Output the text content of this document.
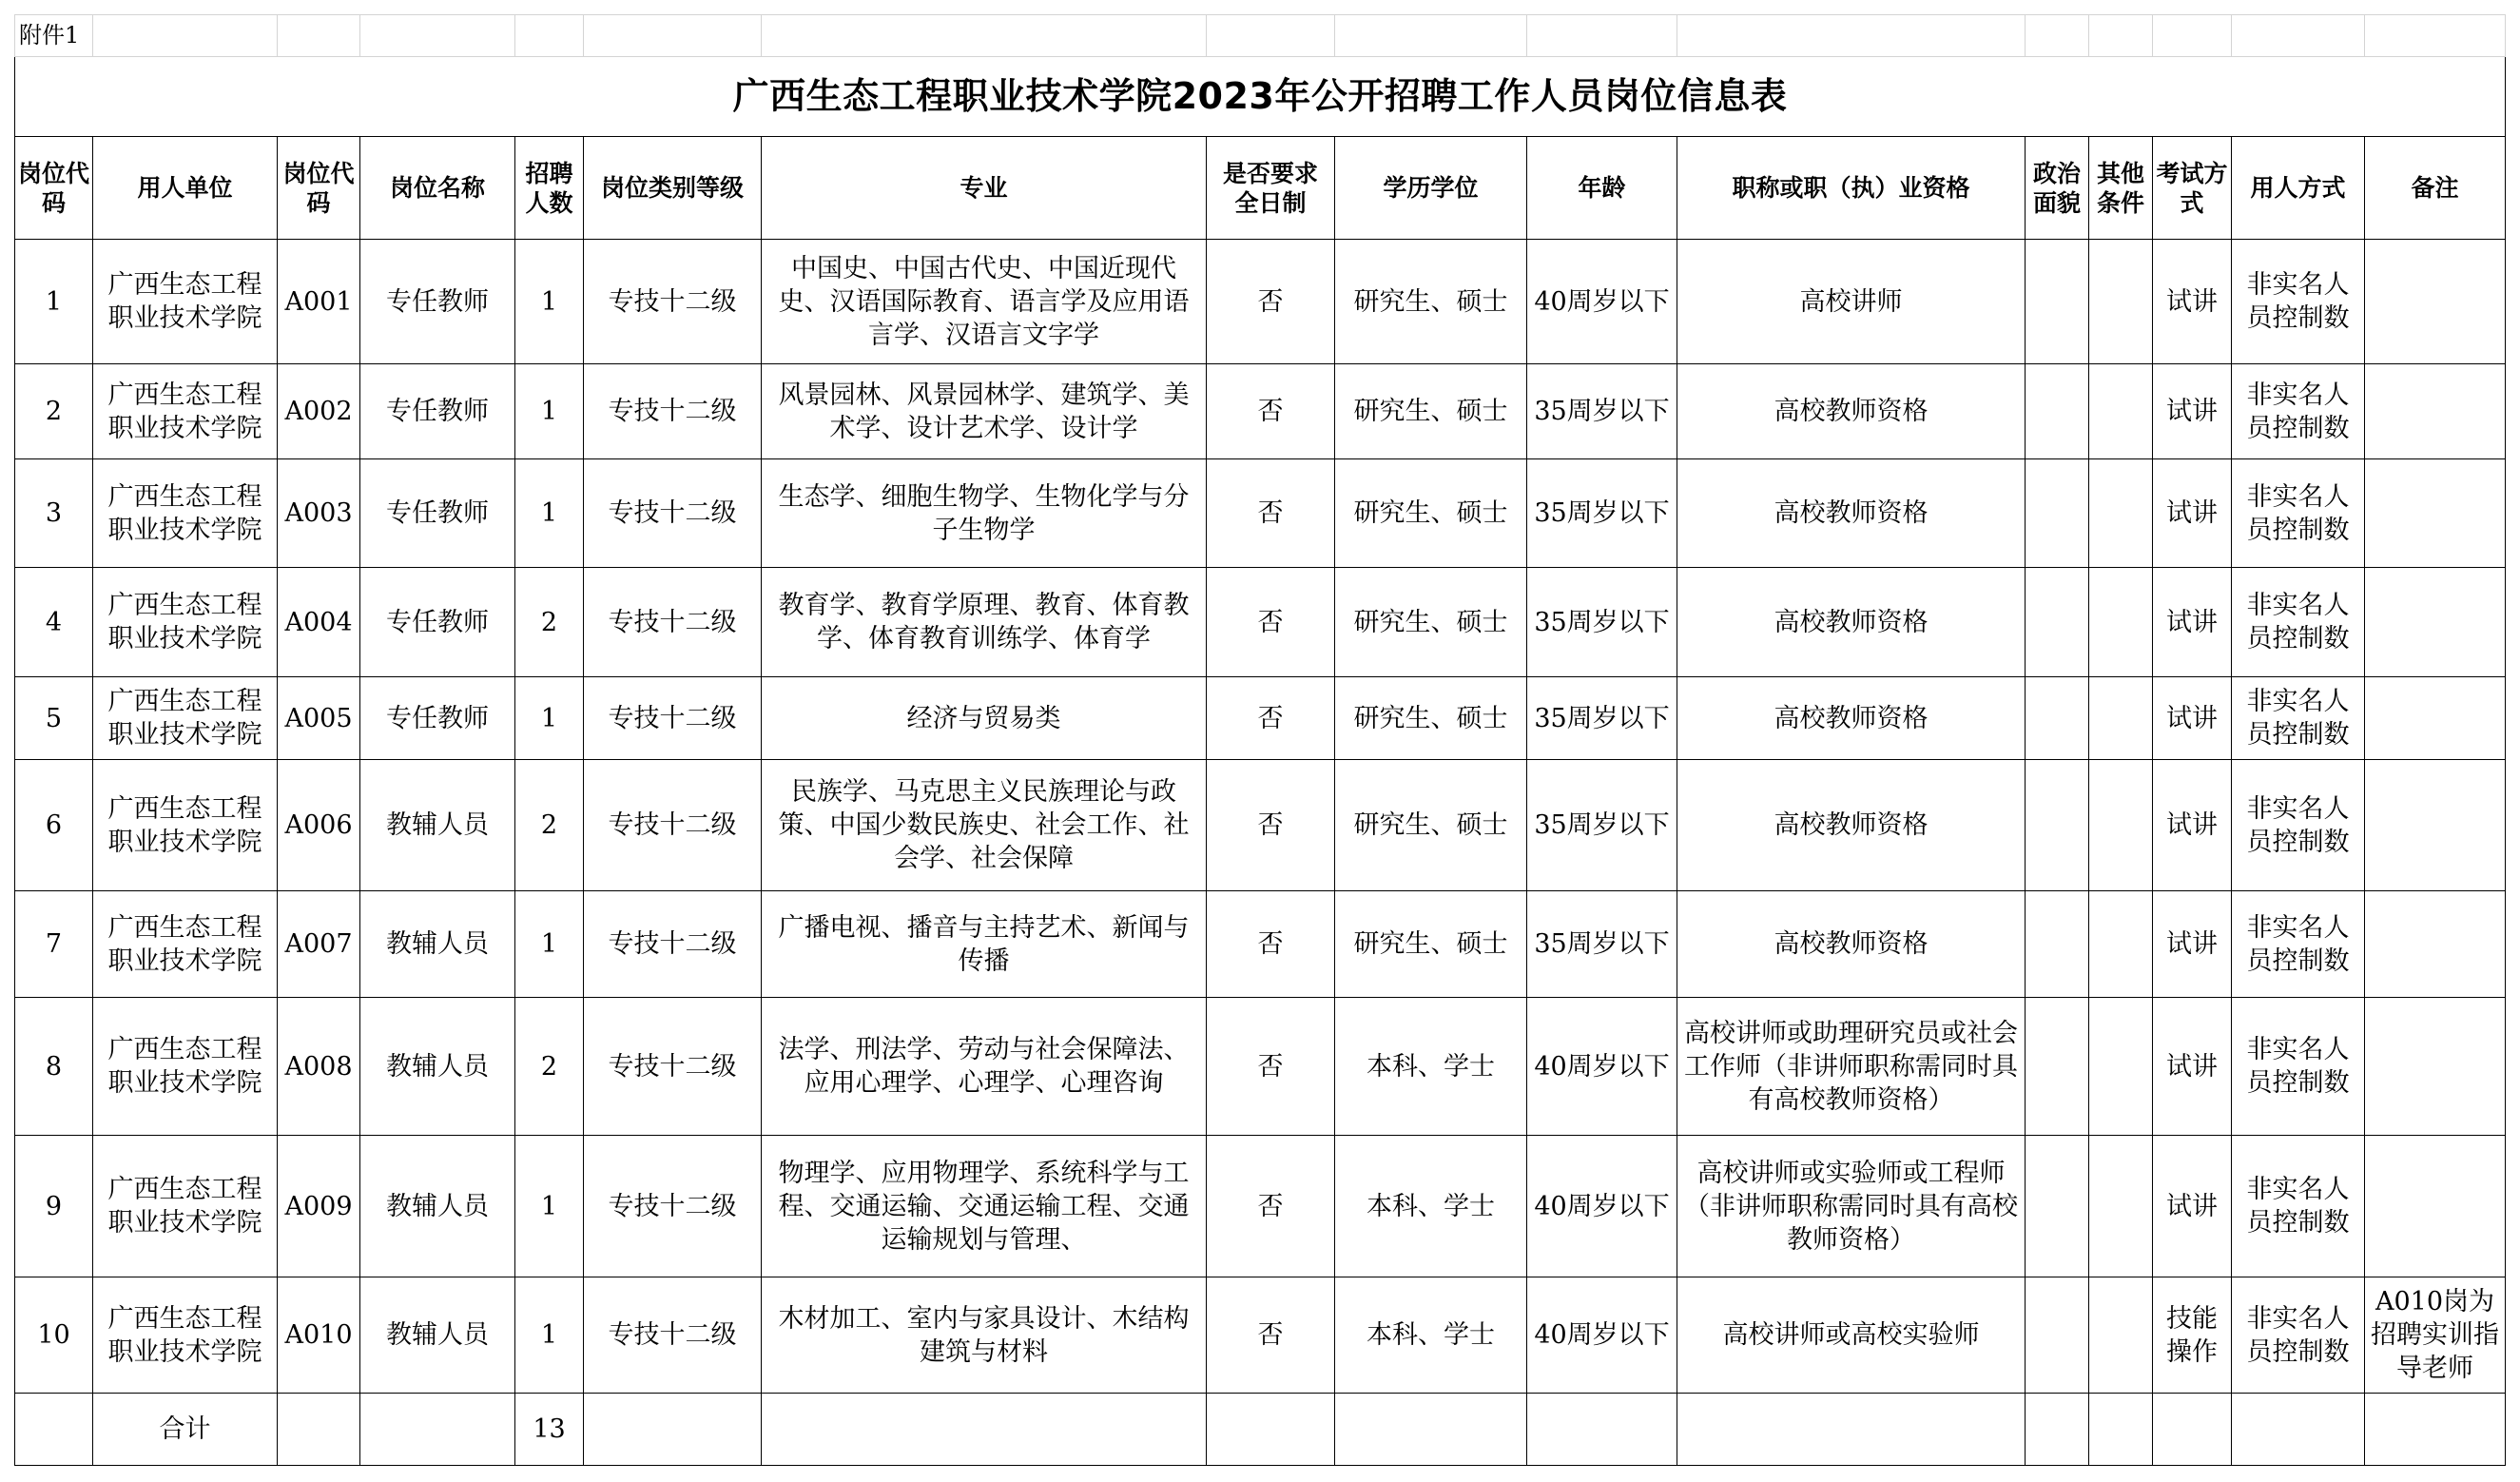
附件1															
广西生态工程职业技术学院2023年公开招聘工作人员岗位信息表															
岗位代码	用人单位	岗位代码	岗位名称	招聘人数	岗位类别等级	专业	是否要求全日制	学历学位	年龄	职称或职（执）业资格	政治面貌	其他条件	考试方式	用人方式	备注
1	广西生态工程职业技术学院	A001	专任教师	1	专技十二级	中国史、中国古代史、中国近现代史、汉语国际教育、语言学及应用语言学、汉语言文字学	否	研究生、硕士	40周岁以下	高校讲师			试讲	非实名人员控制数	
2	广西生态工程职业技术学院	A002	专任教师	1	专技十二级	风景园林、风景园林学、建筑学、美术学、设计艺术学、设计学	否	研究生、硕士	35周岁以下	高校教师资格			试讲	非实名人员控制数	
3	广西生态工程职业技术学院	A003	专任教师	1	专技十二级	生态学、细胞生物学、生物化学与分子生物学	否	研究生、硕士	35周岁以下	高校教师资格			试讲	非实名人员控制数	
4	广西生态工程职业技术学院	A004	专任教师	2	专技十二级	教育学、教育学原理、教育、体育教学、体育教育训练学、体育学	否	研究生、硕士	35周岁以下	高校教师资格			试讲	非实名人员控制数	
5	广西生态工程职业技术学院	A005	专任教师	1	专技十二级	经济与贸易类	否	研究生、硕士	35周岁以下	高校教师资格			试讲	非实名人员控制数	
6	广西生态工程职业技术学院	A006	教辅人员	2	专技十二级	民族学、马克思主义民族理论与政策、中国少数民族史、社会工作、社会学、社会保障	否	研究生、硕士	35周岁以下	高校教师资格			试讲	非实名人员控制数	
7	广西生态工程职业技术学院	A007	教辅人员	1	专技十二级	广播电视、播音与主持艺术、新闻与传播	否	研究生、硕士	35周岁以下	高校教师资格			试讲	非实名人员控制数	
8	广西生态工程职业技术学院	A008	教辅人员	2	专技十二级	法学、刑法学、劳动与社会保障法、应用心理学、心理学、心理咨询	否	本科、学士	40周岁以下	高校讲师或助理研究员或社会工作师（非讲师职称需同时具有高校教师资格）			试讲	非实名人员控制数	
9	广西生态工程职业技术学院	A009	教辅人员	1	专技十二级	物理学、应用物理学、系统科学与工程、交通运输、交通运输工程、交通运输规划与管理、	否	本科、学士	40周岁以下	高校讲师或实验师或工程师（非讲师职称需同时具有高校教师资格）			试讲	非实名人员控制数	
10	广西生态工程职业技术学院	A010	教辅人员	1	专技十二级	木材加工、室内与家具设计、木结构建筑与材料	否	本科、学士	40周岁以下	高校讲师或高校实验师			技能操作	非实名人员控制数	A010岗为招聘实训指导老师
	合计			13											
